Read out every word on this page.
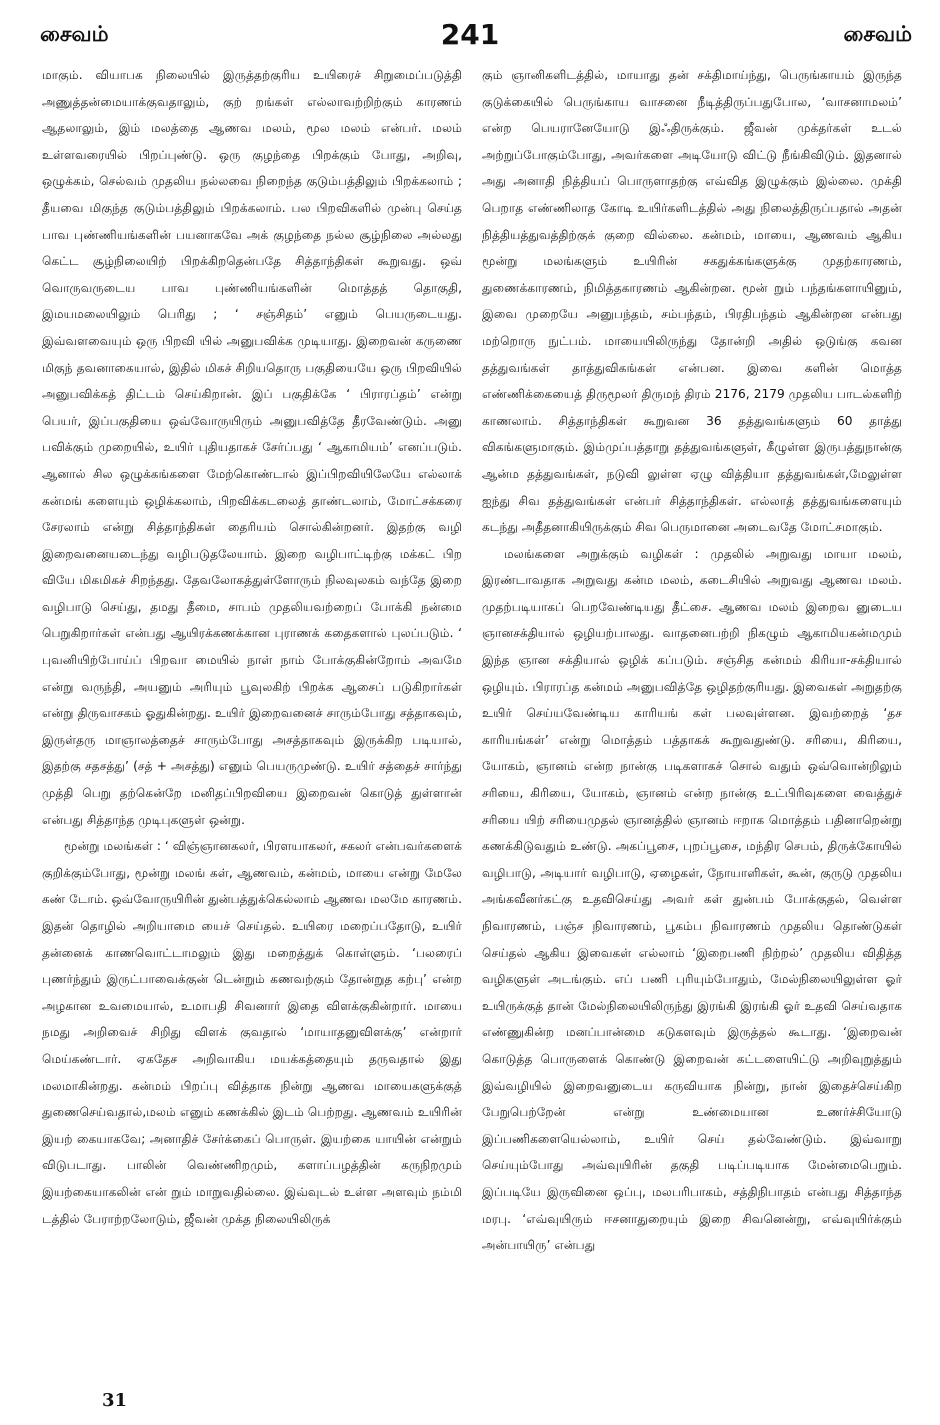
சைவம்	241	சைவம்

மாகும். வியாபக நிலையில் இருத்தற்குரிய உயிரைச் சிறுமைப்படுத்தி அணுத்தன்மையாக்குவதாலும், குற் றங்கள் எல்லாவற்றிற்கும் காரணம் ஆதலாலும், இம் மலத்தை ஆணவ மலம், மூல மலம் என்பர். மலம் உள்ளவரையில் பிறப்புண்டு. ஒரு குழந்தை பிறக்கும் போது, அறிவு, ஒழுக்கம், செல்வம் முதலிய நல்லவை நிறைந்த குடும்பத்திலும் பிறக்கலாம் ; தீயவை மிகுந்த குடும்பத்திலும் பிறக்கலாம். பல பிறவிகளில் முன்பு செய்த பாவ புண்ணியங்களின் பயனாகவே அக் குழந்தை நல்ல சூழ்நிலை அல்லது கெட்ட சூழ்நிலையிற் பிறக்கிறதென்பதே சித்தாந்திகள் கூறுவது. ஒவ் வொருவருடைய பாவ புண்ணியங்களின் மொத்தத் தொகுதி, இமயமலையிலும் பெரிது ; ‘ சஞ்சிதம்’ எனும் பெயருடையது. இவ்வளவையும் ஒரு பிறவி யில் அனுபவிக்க முடியாது. இறைவன் கருணை மிகுந் தவனாகையால், இதில் மிகச் சிறியதொரு பகுதியையே ஒரு பிறவியில் அனுபவிக்கத் திட்டம் செய்கிறான். இப் பகுதிக்கே ‘ பிராரப்தம்’ என்று பெயர், இப்பகுதியை ஒவ்வோருயிரும் அனுபவித்தே தீரவேண்டும். அனு பவிக்கும் முறையில், உயிர் புதியதாகச் சேர்ப்பது ‘ ஆகாமியம்’ எனப்படும். ஆனால் சில ஒழுக்கங்களை மேற்கொண்டால் இப்பிறவியிலேயே எல்லாக் கன்மங் களையும் ஒழிக்கலாம், பிறவிக்கடலைத் தாண்டலாம், மோட்சக்கரை சேரலாம் என்று சித்தாந்திகள் தைரியம் சொல்கின்றனர். இதற்கு வழி இறைவனையடைந்து வழிபடுதலேயாம். இறை வழிபாட்டிற்கு மக்கட் பிற வியே மிகமிகச் சிறந்தது. தேவலோகத்துள்ளோரும் நிலவுலகம் வந்தே இறை வழிபாடு செய்து, தமது தீமை, சாபம் முதலியவற்றைப் போக்கி நன்மை பெறுகிறார்கள் என்பது ஆயிரக்கணக்கான புராணக் கதைகளால் புலப்படும். ‘ புவனியிற்போய்ப் பிறவா மையில் நாள் நாம் போக்குகின்றோம் அவமே என்று வருந்தி, அயனும் அரியும் பூவுலகிற் பிறக்க ஆசைப் படுகிறார்கள் என்று திருவாசகம் ஓதுகின்றது. உயிர் இறைவனைச் சாரும்போது சத்தாகவும், இருள்தரு மாஞாலத்தைச் சாரும்போது அசத்தாகவும் இருக்கிற படியால், இதற்கு சதசத்து’ (சத் + அசத்து) எனும் பெயருமுண்டு. உயிர் சத்தைச் சார்ந்து முத்தி பெறு தற்கென்றே மனிதப்பிறவியை இறைவன் கொடுத் துள்ளான் என்பது சித்தாந்த முடிபுகளுள் ஒன்று.

மூன்று மலங்கள் : ‘ விஞ்ஞானகலர், பிரளயாகலர், சகலர் என்பவர்களைக் குறிக்கும்போது, மூன்று மலங் கள், ஆணவம், கன்மம், மாயை என்று மேலே கண் டோம். ஒவ்வோருயிரின் துன்பத்துக்கெல்லாம் ஆணவ மலமே காரணம். இதன் தொழில் அறியாமை யைச் செய்தல். உயிரை மறைப்பதோடு, உயிர் தன்னைக் காணவொட்டாமலும் இது மறைத்துக் கொள்ளும். ‘பலரைப் புணர்ந்தும் இருட்பாவைக்குன் டென்றும் கணவற்கும் தோன்றுத கற்பு’ என்ற அழகான உவமையால், உமாபதி சிவனார் இதை விளக்குகின்றார். மாயை நமது அறிவைச் சிறிது விளக் குவதால் ‘மாயாதனுவிளக்கு’ என்றார் மெய்கண்டார். ஏகதேச அறிவாகிய மயக்கத்தையும் தருவதால் இது மலமாகின்றது. கன்மம் பிறப்பு வித்தாக நின்று ஆணவ மாயைகளுக்குத் துணைசெய்வதால்,மலம் எனும் கணக்கில் இடம் பெற்றது. ஆணவம் உயிரின் இயற் கையாகவே; அனாதிச் சேர்க்கைப் பொருள். இயற்கை யாயின் என்றும் விடுபடாது. பாலின் வெண்ணிறமும், களாப்பழத்தின் கருநிறமும் இயற்கையாகலின் என் றும் மாறுவதில்லை. இவ்வுடல் உள்ள அளவும் நம்மி டத்தில் பேராற்றலோடும், ஜீவன் முக்த நிலையிலிருக்

கும் ஞானிகளிடத்தில், மாயாது தன் சக்திமாய்ந்து, பெருங்காயம் இருந்த குடுக்கையில் பெருங்காய வாசனை நீடித்திருப்பதுபோல, ‘வாசனாமலம்’ என்ற பெயரானேயோடு இஃதிருக்கும். ஜீவன் முக்தர்கள் உடல் அற்றுப்போகும்போது, அவர்களை அடியோடு விட்டு நீங்கிவிடும். இதனால் அது அனாதி நித்தியப் பொருளாதற்கு எவ்வித இழுக்கும் இல்லை. முக்தி பெறாத எண்ணிலாத கோடி உயிர்களிடத்தில் அது நிலைத்திருப்பதால் அதன் நித்தியத்துவத்திற்குக் குறை வில்லை. கன்மம், மாயை, ஆணவம் ஆகிய மூன்று மலங்களும் உயிரின் சகதுக்கங்களுக்கு முதற்காரணம், துணைக்காரணம், நிமித்தகாரணம் ஆகின்றன. மூன் றும் பந்தங்களாயினும், இவை முறையே அனுபந்தம், சம்பந்தம், பிரதிபந்தம் ஆகின்றன என்பது மற்றொரு நுட்பம். மாயையிலிருந்து தோன்றி அதில் ஒடுங்கு கவன தத்துவங்கள் தாத்துவிகங்கள் என்பன. இவை களின் மொத்த எண்ணிக்கையைத் திருமூலர் திருமந் திரம் 2176, 2179 முதலிய பாடல்களிற் காணலாம். சித்தாந்திகள் கூறுவன 36 தத்துவங்களும் 60 தாத்து விகங்களுமாகும். இம்முப்பத்தாறு தத்துவங்களுள், கீழுள்ள இருபத்துநான்கு ஆன்ம தத்துவங்கள், நடுவி லுள்ள ஏழு வித்தியா தத்துவங்கள்,மேலுள்ள ஐந்து சிவ தத்துவங்கள் என்பர் சித்தாந்திகள். எல்லாத் தத்துவங்களையும் கடந்து அதீதனாகியிருக்கும் சிவ பெருமானை அடைவதே மோட்சமாகும்.

மலங்களை அறுக்கும் வழிகள் : முதலில் அறுவது மாயா மலம், இரண்டாவதாக அறுவது கன்ம மலம், கடைசியில் அறுவது ஆணவ மலம். முதற்படியாகப் பெறவேண்டியது தீட்சை. ஆணவ மலம் இறைவ னுடைய ஞானசக்தியால் ஒழியற்பாலது. வாதனைபற்றி நிகழும் ஆகாமியகன்மமும் இந்த ஞான சக்தியால் ஒழிக் கப்படும். சஞ்சித கன்மம் கிரியா-சக்தியால் ஒழியும். பிராரப்த கன்மம் அனுபவித்தே ஒழிதற்குரியது. இவைகள் அறுதற்கு உயிர் செய்யவேண்டிய காரியங் கள் பலவுள்ளன. இவற்றைத் ‘தச காரியங்கள்’ என்று மொத்தம் பத்தாகக் கூறுவதுண்டு. சரியை, கிரியை, யோகம், ஞானம் என்ற நான்கு படிகளாகச் சொல் வதும் ஒவ்வொன்றிலும் சரியை, கிரியை, யோகம், ஞானம் என்ற நான்கு உட்பிரிவுகளை வைத்துச் சரியை யிற் சரியைமுதல் ஞானத்தில் ஞானம் ஈறாக மொத்தம் பதினாறென்று கணக்கிடுவதும் உண்டு. அகப்பூசை, புறப்பூசை, மந்திர செபம், திருக்கோயில் வழிபாடு, அடியார் வழிபாடு, ஏழைகள், நோயாளிகள், கூன், குருடு முதலிய அங்கவீனர்கட்கு உதவிசெய்து அவர் கள் துன்பம் போக்குதல், வெள்ள நிவாரணம், பஞ்ச நிவாரணம், பூகம்ப நிவாரணம் முதலிய தொண்டுகள் செய்தல் ஆகிய இவைகள் எல்லாம் ‘இறைபணி நிற்றல்’ முதலிய விதித்த வழிகளுள் அடங்கும். எப் பணி புரியும்போதும், மேல்நிலையிலுள்ள ஓர் உயிருக்குத் தான் மேல்நிலையிலிருந்து இரங்கி இரங்கி ஓர் உதவி செய்வதாக எண்ணுகின்ற மனப்பான்மை கடுகளவும் இருத்தல் கூடாது. ‘இறைவன் கொடுத்த பொருளைக் கொண்டு இறைவன் கட்டளையிட்டு அறிவுறுத்தும் இவ்வழியில் இறைவனுடைய கருவியாக நின்று, நான் இதைச்செய்கிற பேறுபெற்றேன் என்று உண்மையான உணர்ச்சியோடு இப்பணிகளையெல்லாம், உயிர் செய் தல்வேண்டும். இவ்வாறு செய்யும்போது அவ்வுயிரின் தகுதி படிப்படியாக மேன்மைபெறும். இப்படியே இருவினை ஒப்பு, மலபரிபாகம், சத்திநிபாதம் என்பது சித்தாந்த மரபு. ‘எவ்வுயிரும் ஈசனாதுறையும் இறை சிவனென்று, எவ்வுயிர்க்கும் அன்பாயிரு’ என்பது

31
